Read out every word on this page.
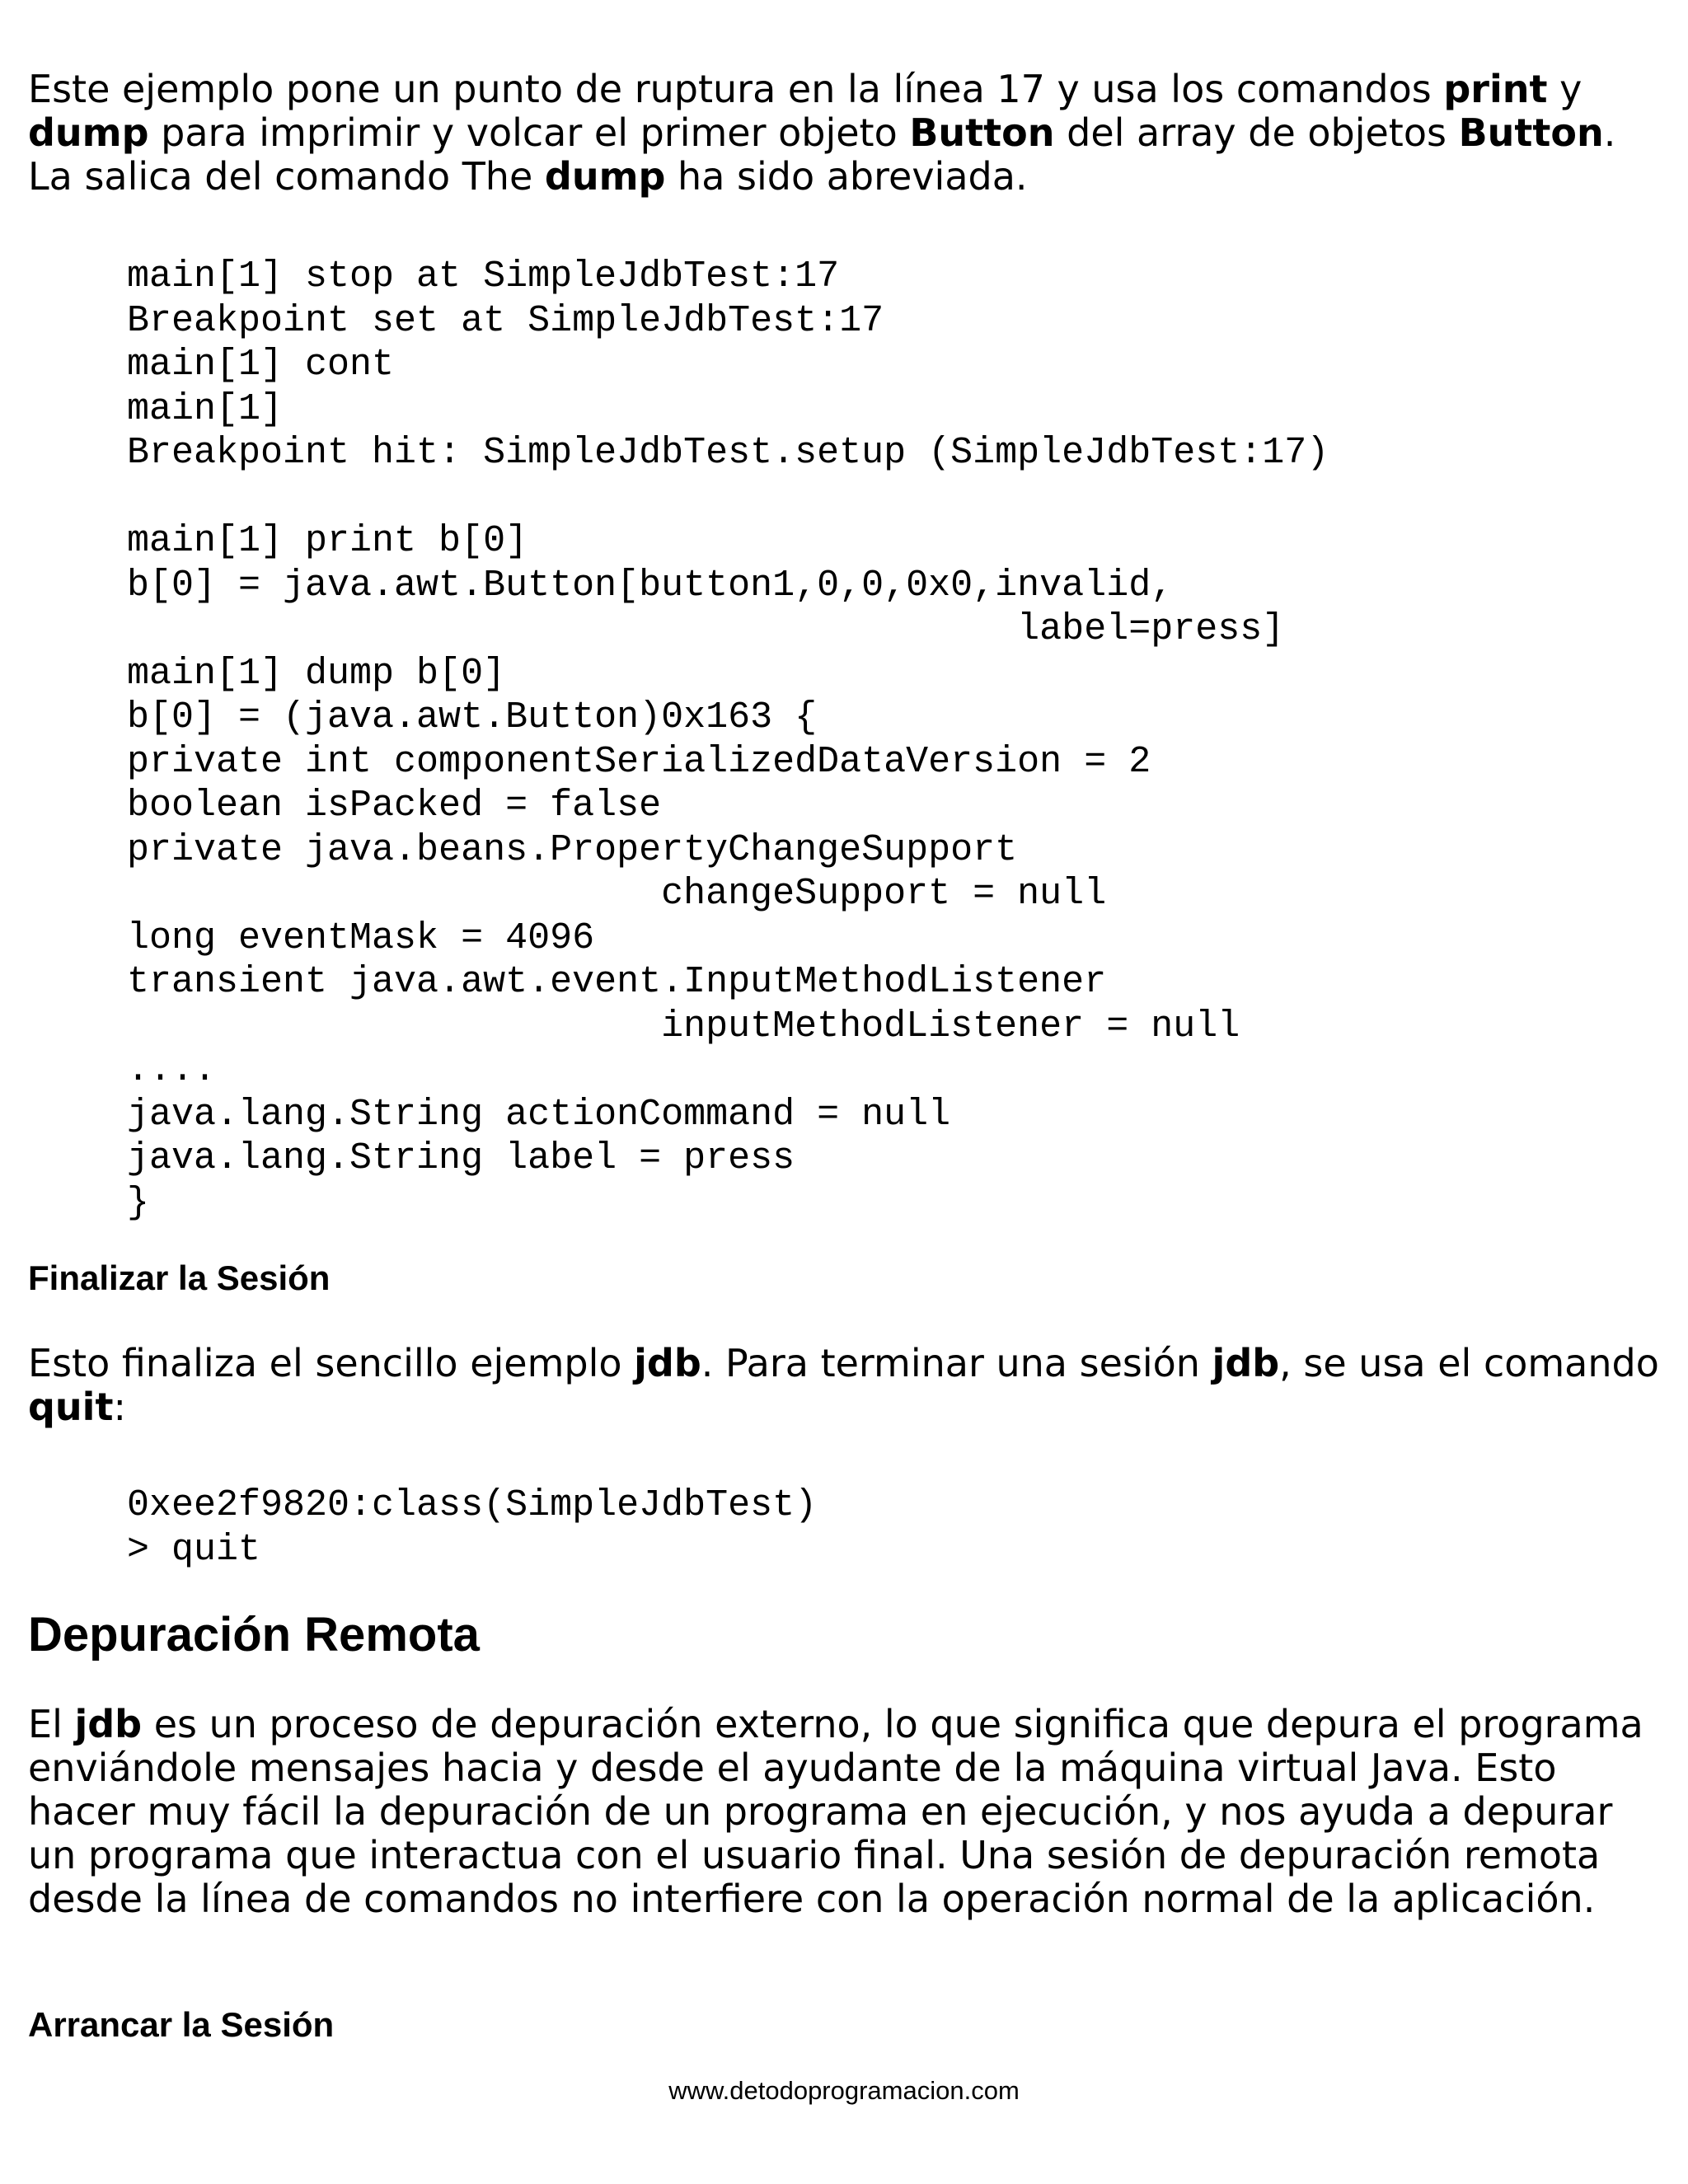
Este ejemplo pone un punto de ruptura en la línea 17 y usa los comandos print y dump para imprimir y volcar el primer objeto Button del array de objetos Button. La salica del comando The dump ha sido abreviada.

main[1] stop at SimpleJdbTest:17
Breakpoint set at SimpleJdbTest:17
main[1] cont
main[1]
Breakpoint hit: SimpleJdbTest.setup (SimpleJdbTest:17)

main[1] print b[0]
b[0] = java.awt.Button[button1,0,0,0x0,invalid,
label=press]
main[1] dump b[0]
b[0] = (java.awt.Button)0x163 {
private int componentSerializedDataVersion = 2
boolean isPacked = false
private java.beans.PropertyChangeSupport
changeSupport = null
long eventMask = 4096
transient java.awt.event.InputMethodListener
inputMethodListener = null
....
java.lang.String actionCommand = null
java.lang.String label = press
}
Finalizar la Sesión

Esto finaliza el sencillo ejemplo jdb. Para terminar una sesión jdb, se usa el comando quit:

0xee2f9820:class(SimpleJdbTest)
> quit
Depuración Remota

El jdb es un proceso de depuración externo, lo que significa que depura el programa enviándole mensajes hacia y desde el ayudante de la máquina virtual Java. Esto hacer muy fácil la depuración de un programa en ejecución, y nos ayuda a depurar un programa que interactua con el usuario final. Una sesión de depuración remota desde la línea de comandos no interfiere con la operación normal de la aplicación.

Arrancar la Sesión
www.detodoprogramacion.com
